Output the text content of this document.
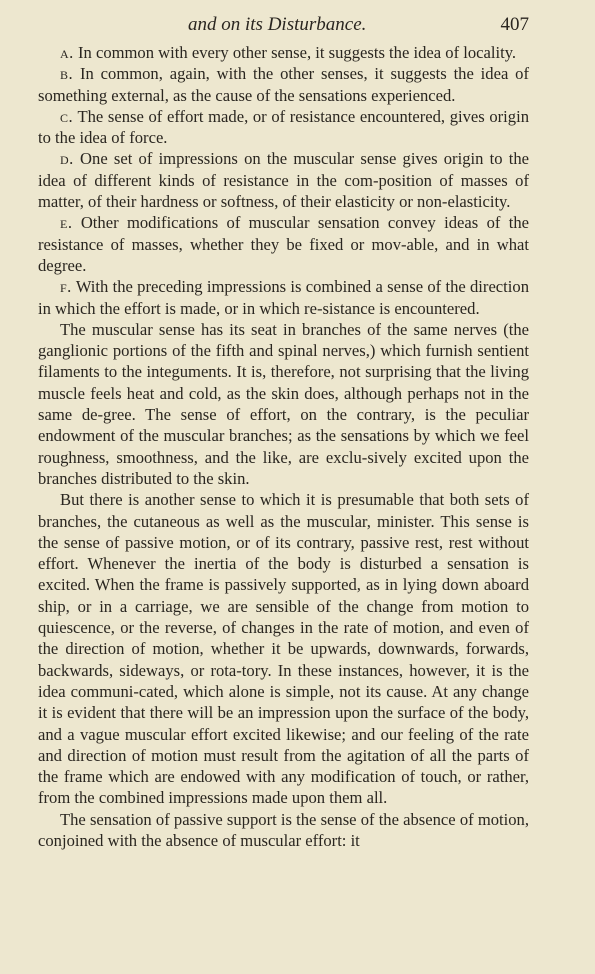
and on its Disturbance.	407

a. In common with every other sense, it suggests the idea of locality.

b. In common, again, with the other senses, it suggests the idea of something external, as the cause of the sensations experienced.

c. The sense of effort made, or of resistance encountered, gives origin to the idea of force.

d. One set of impressions on the muscular sense gives origin to the idea of different kinds of resistance in the com-position of masses of matter, of their hardness or softness, of their elasticity or non-elasticity.

e. Other modifications of muscular sensation convey ideas of the resistance of masses, whether they be fixed or mov-able, and in what degree.

f. With the preceding impressions is combined a sense of the direction in which the effort is made, or in which re-sistance is encountered.

The muscular sense has its seat in branches of the same nerves (the ganglionic portions of the fifth and spinal nerves,) which furnish sentient filaments to the integuments. It is, therefore, not surprising that the living muscle feels heat and cold, as the skin does, although perhaps not in the same de-gree. The sense of effort, on the contrary, is the peculiar endowment of the muscular branches; as the sensations by which we feel roughness, smoothness, and the like, are exclu-sively excited upon the branches distributed to the skin.

But there is another sense to which it is presumable that both sets of branches, the cutaneous as well as the muscular, minister. This sense is the sense of passive motion, or of its contrary, passive rest, rest without effort. Whenever the inertia of the body is disturbed a sensation is excited. When the frame is passively supported, as in lying down aboard ship, or in a carriage, we are sensible of the change from motion to quiescence, or the reverse, of changes in the rate of motion, and even of the direction of motion, whether it be upwards, downwards, forwards, backwards, sideways, or rota-tory. In these instances, however, it is the idea communi-cated, which alone is simple, not its cause. At any change it is evident that there will be an impression upon the surface of the body, and a vague muscular effort excited likewise; and our feeling of the rate and direction of motion must result from the agitation of all the parts of the frame which are endowed with any modification of touch, or rather, from the combined impressions made upon them all.

The sensation of passive support is the sense of the absence of motion, conjoined with the absence of muscular effort: it
